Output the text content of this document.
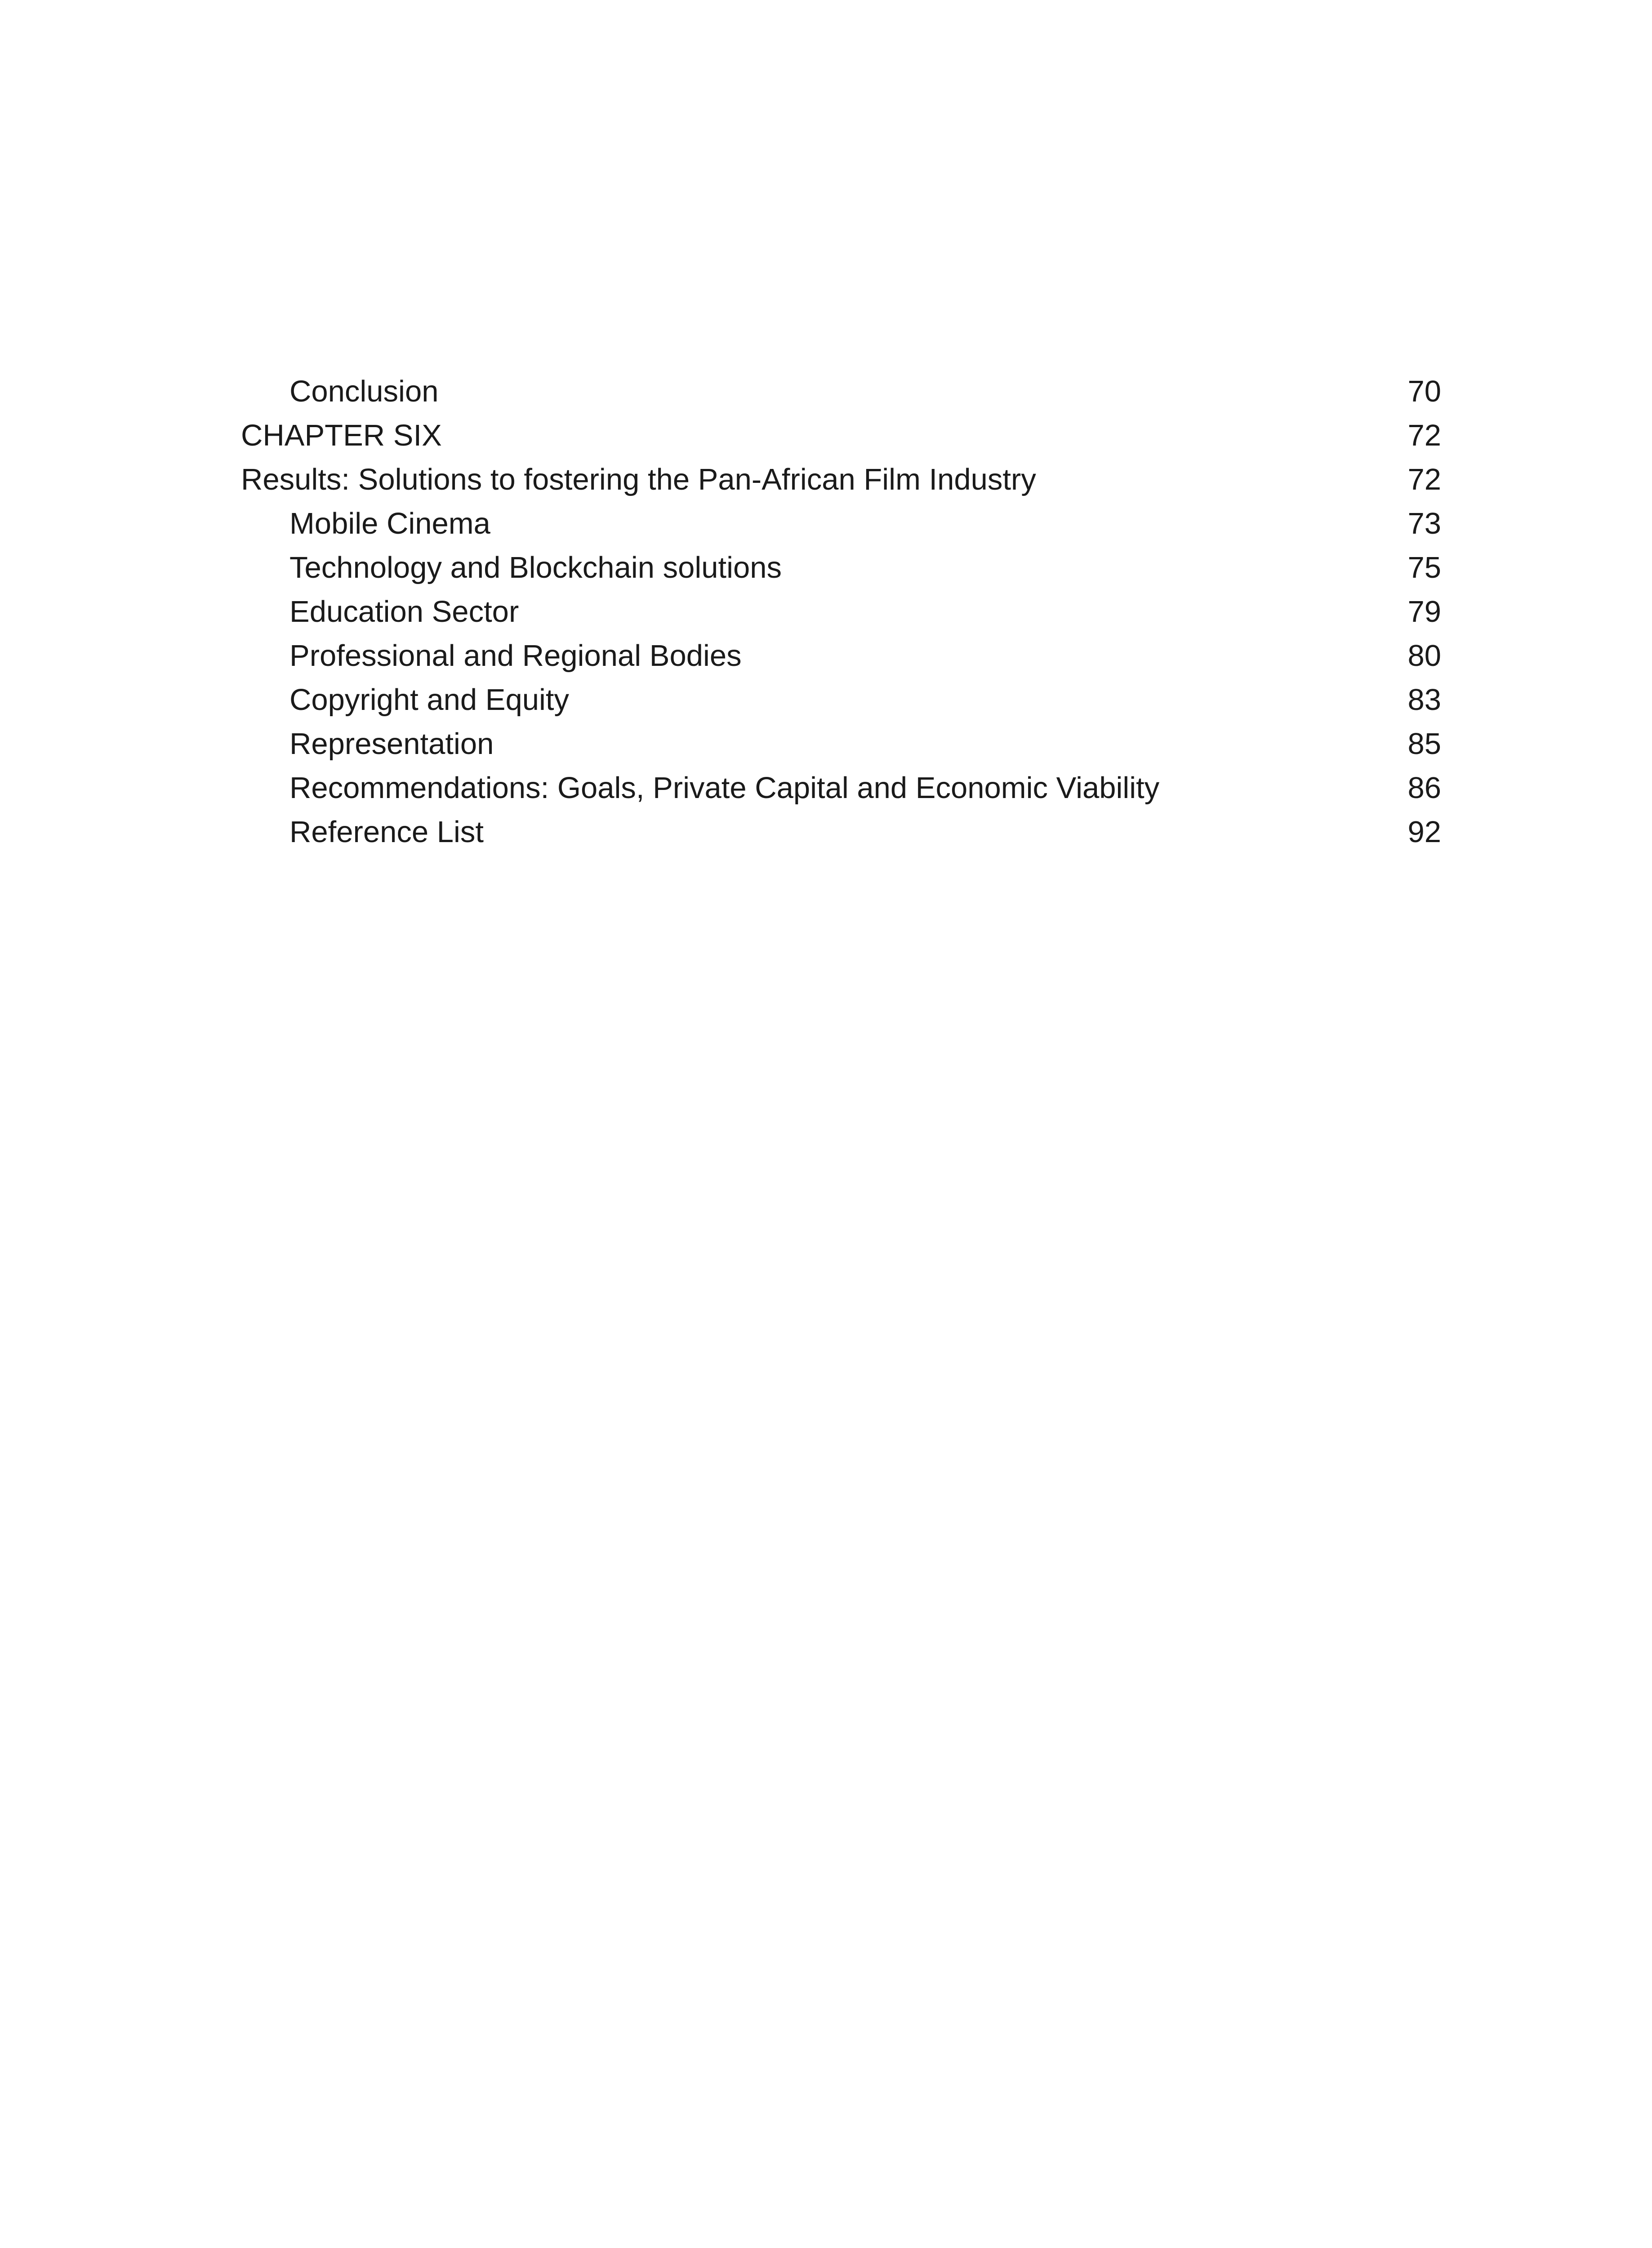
Conclusion	70
CHAPTER SIX	72
Results: Solutions to fostering the Pan-African Film Industry	72
Mobile Cinema	73
Technology and Blockchain solutions	75
Education Sector	79
Professional and Regional Bodies	80
Copyright and Equity	83
Representation	85
Recommendations: Goals, Private Capital and Economic Viability	86
Reference List	92
